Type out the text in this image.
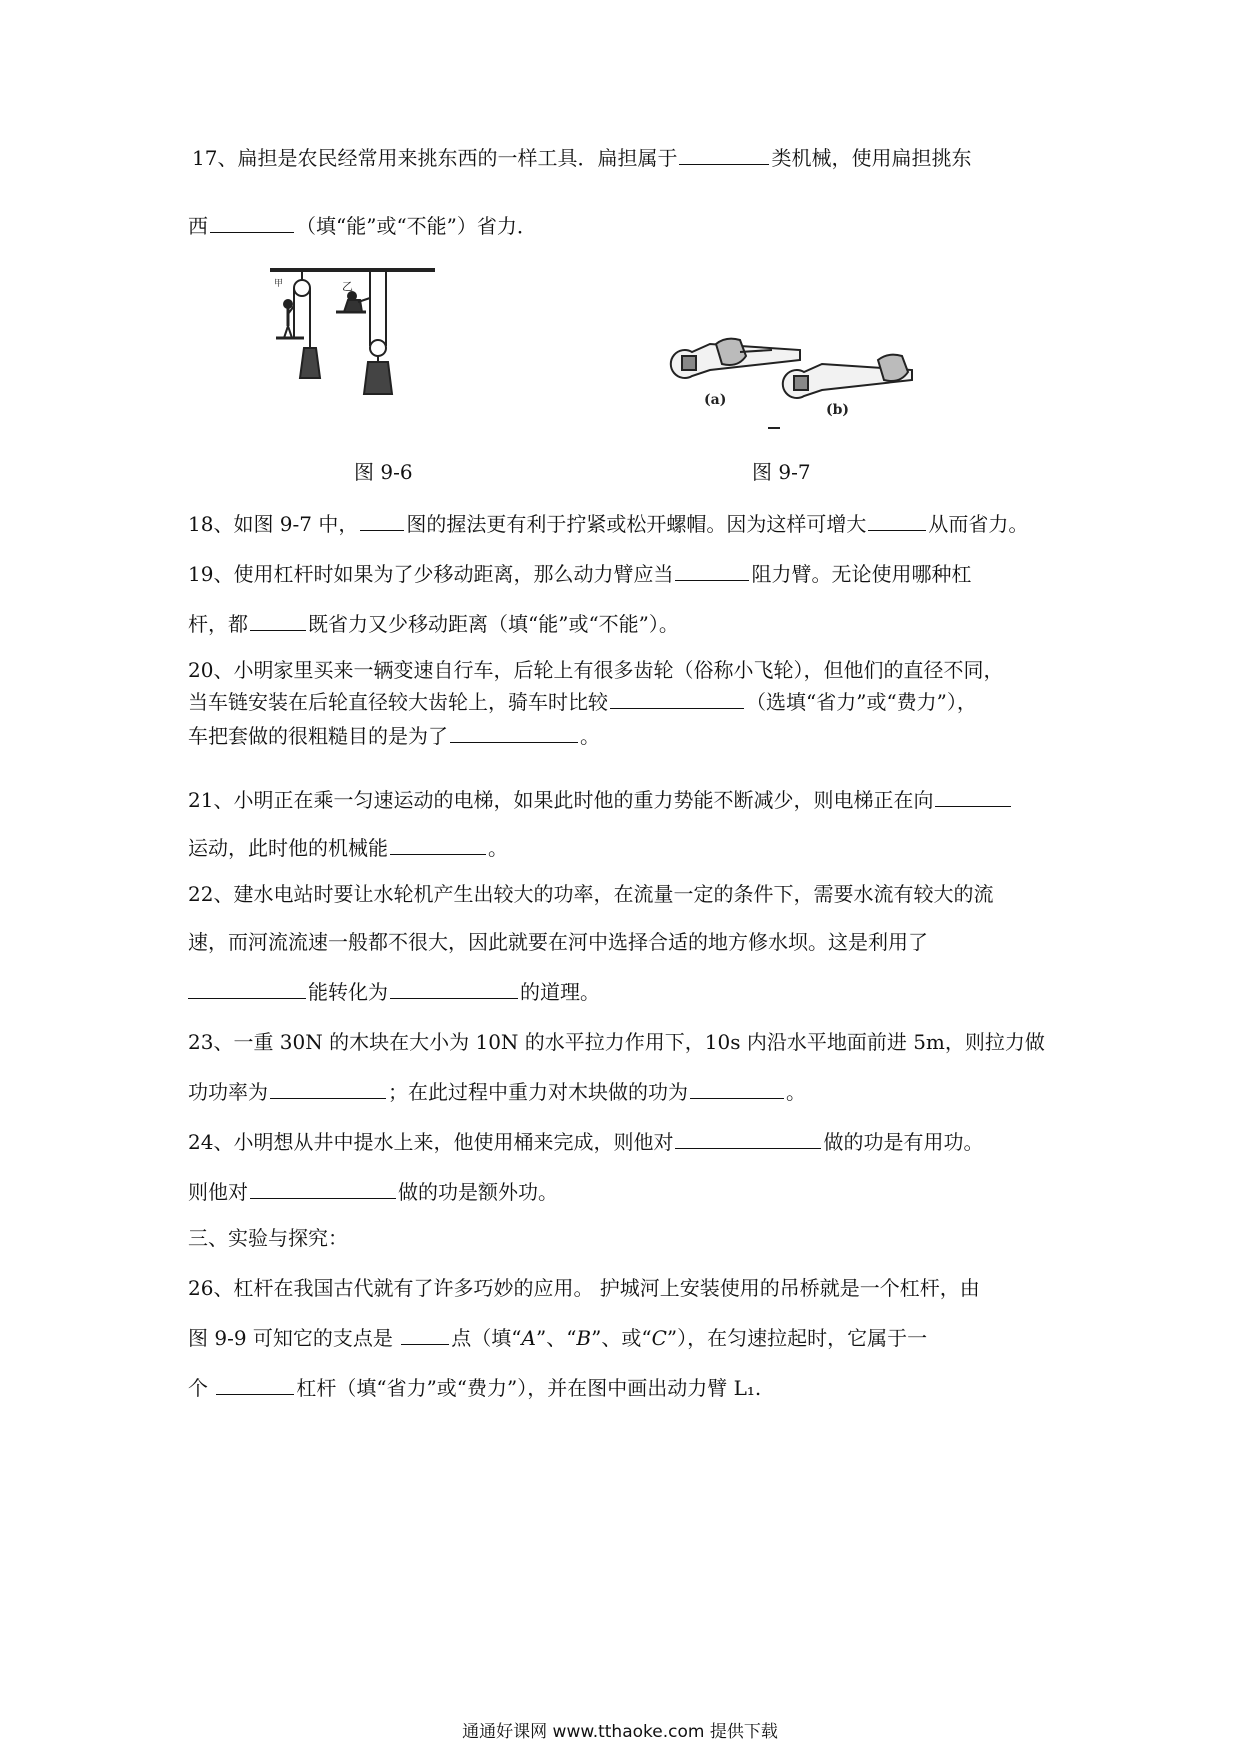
17、扁担是农民经常用来挑东西的一样工具．扁担属于	类机械，使用扁担挑东
西	（填“能”或“不能”）省力．
甲	乙
图 9-6
(a)
(b)
图 9-7
18、如图 9-7 中， 图的握法更有利于拧紧或松开螺帽。因为这样可增大	从而省力。
19、使用杠杆时如果为了少移动距离，那么动力臂应当	阻力臂。无论使用哪种杠
杆，都	既省力又少移动距离（填“能”或“不能”）。
20、小明家里买来一辆变速自行车，后轮上有很多齿轮（俗称小飞轮），但他们的直径不同，
当车链安装在后轮直径较大齿轮上，骑车时比较	（选填“省力”或“费力”），
车把套做的很粗糙目的是为了	。
21、小明正在乘一匀速运动的电梯，如果此时他的重力势能不断减少，则电梯正在向
运动，此时他的机械能	。
22、建水电站时要让水轮机产生出较大的功率，在流量一定的条件下，需要水流有较大的流
速，而河流流速一般都不很大，因此就要在河中选择合适的地方修水坝。这是利用了
能转化为	的道理。
23、一重 30N 的木块在大小为 10N 的水平拉力作用下，10s 内沿水平地面前进 5m，则拉力做
功功率为	；在此过程中重力对木块做的功为	。
24、小明想从井中提水上来，他使用桶来完成，则他对	做的功是有用功。
则他对	做的功是额外功。
三、实验与探究：
26、杠杆在我国古代就有了许多巧妙的应用。 护城河上安装使用的吊桥就是一个杠杆，由
图 9-9 可知它的支点是	点（填“A”、“B”、或“C”），在匀速拉起时，它属于一
个	杠杆（填“省力”或“费力”），并在图中画出动力臂 L₁.
通通好课网 www.tthaoke.com 提供下载
